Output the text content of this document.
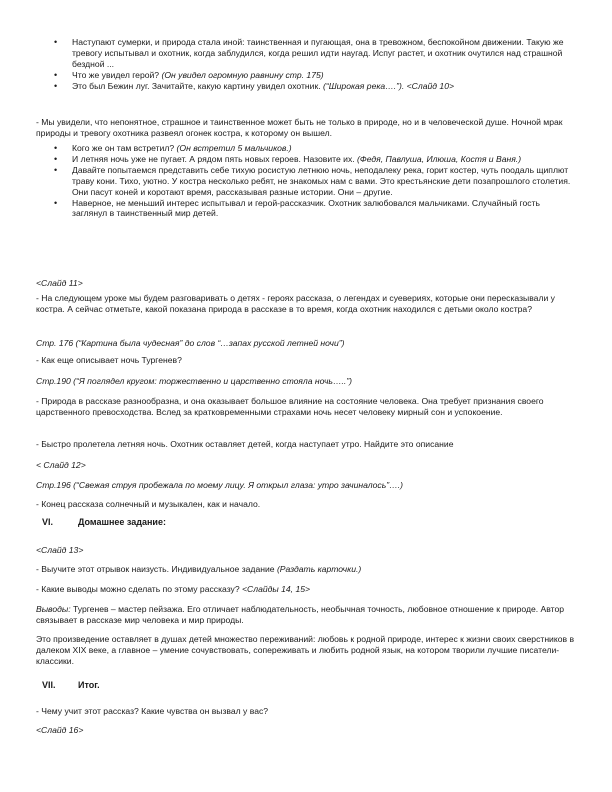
• Наступают сумерки, и природа стала иной: таинственная и пугающая, она в тревожном, беспокойном движении. Такую же тревогу испытывал и охотник, когда заблудился, когда решил идти наугад. Испуг растет, и охотник очутился над страшной бездной ...
• Что же увидел герой? (Он увидел огромную равнину стр. 175)
• Это был Бежин луг. Зачитайте, какую картину увидел охотник. (“Широкая река….”). <Слайд 10>

- Мы увидели, что непонятное, страшное и таинственное может быть не только в природе, но и в человеческой душе. Ночной мрак природы и тревогу охотника развеял огонек костра, к которому он вышел.

• Кого же он там встретил? (Он встретил 5 мальчиков.)
• И летняя ночь уже не пугает. А рядом пять новых героев. Назовите их. (Федя, Павлуша, Илюша, Костя и Ваня.)
• Давайте попытаемся представить себе тихую росистую летнюю ночь, неподалеку река, горит костер, чуть поодаль щиплют траву кони. Тихо, уютно. У костра несколько ребят, не знакомых нам с вами. Это крестьянские дети позапрошлого столетия. Они пасут коней и коротают время, рассказывая разные истории. Они – другие.
• Наверное, не меньший интерес испытывал и герой-рассказчик. Охотник залюбовался мальчиками. Случайный гость заглянул в таинственный мир детей.

<Слайд 11>

- На следующем уроке мы будем разговаривать о детях - героях рассказа, о легендах и суевериях, которые они пересказывали у костра. А сейчас отметьте, какой показана природа в рассказе в то время, когда охотник находился с детьми около костра?

Стр. 176 (“Картина была чудесная” до слов “…запах русской летней ночи”)

- Как еще описывает ночь Тургенев?

Стр.190 (“Я поглядел кругом: торжественно и царственно стояла ночь…..”)

- Природа в рассказе разнообразна, и она оказывает большое влияние на состояние человека. Она требует признания своего царственного превосходства. Вслед за кратковременными страхами ночь несет человеку мирный сон и успокоение.

- Быстро пролетела летняя ночь. Охотник оставляет детей, когда наступает утро. Найдите это описание

< Слайд 12>

Стр.196 (“Свежая струя пробежала по моему лицу. Я открыл глаза: утро зачиналось”….)

- Конец рассказа солнечный и музыкален, как и начало.

VI.	Домашнее задание:

<Слайд 13>

- Выучите этот отрывок наизусть. Индивидуальное задание (Раздать карточки.)

- Какие выводы можно сделать по этому рассказу? <Слайды 14, 15>

Выводы: Тургенев – мастер пейзажа. Его отличает наблюдательность, необычная точность, любовное отношение к природе. Автор связывает в рассказе мир человека и мир природы.

Это произведение оставляет в душах детей множество переживаний: любовь к родной природе, интерес к жизни своих сверстников в далеком XIX веке, а главное – умение сочувствовать, сопереживать и любить родной язык, на котором творили лучшие писатели-классики.

VII. Итог.

- Чему учит этот рассказ? Какие чувства он вызвал у вас?

<Слайд 16>
